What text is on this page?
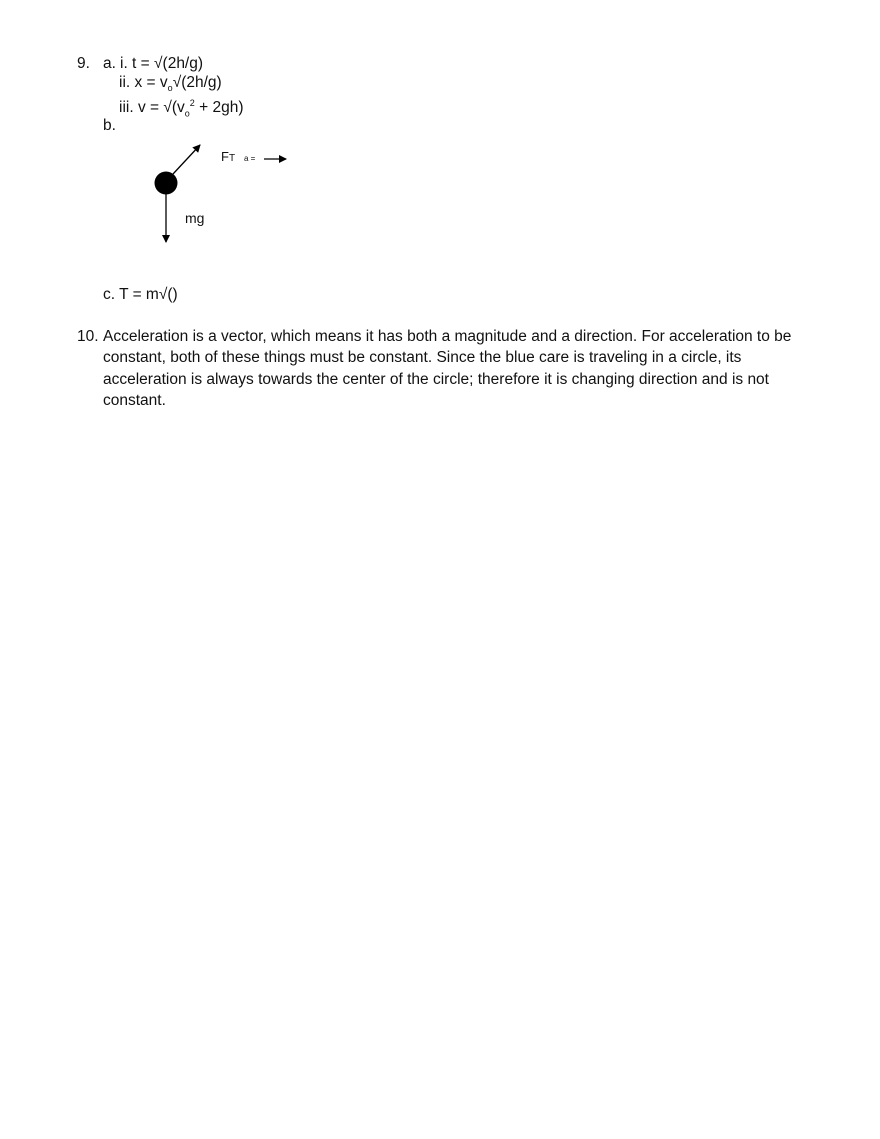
9. a. i. t = √(2h/g)
ii. $x = v_o√(2h/g)$
iii. $v = √(v_o^2 + 2gh)$
b.
FT a =
mg
c. T = m√()
10. Acceleration is a vector, which means it has both a magnitude and a direction. For acceleration to be constant, both of these things must be constant. Since the blue care is traveling in a circle, its acceleration is always towards the center of the circle; therefore it is changing direction and is not constant.
